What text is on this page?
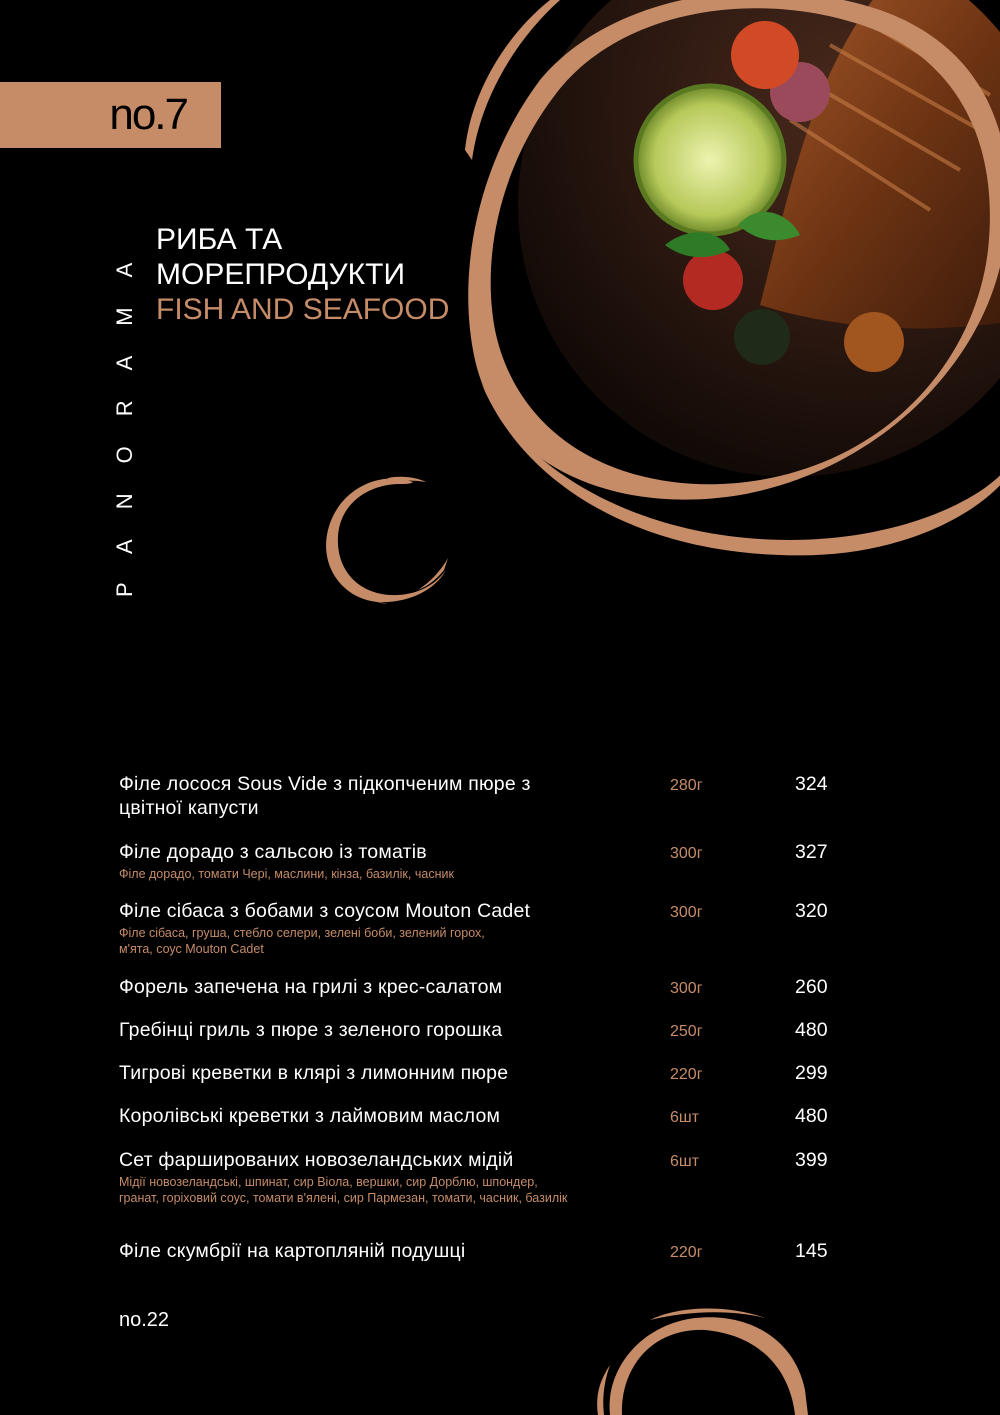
no.7
PANORAMA РИБА ТА
МОРЕПРОДУКТИ
FISH AND SEAFOOD
Філе лосося Sous Vide з підкопченим пюре з цвітної капусти
280г	324
Філе дорадо з сальсою із томатів
Філе дорадо, томати Чері, маслини, кінза, базилік, часник
300г	327
Філе сібаса з бобами з соусом Mouton Cadet
Філе сібаса, груша, стебло селери, зелені боби, зелений горох, м'ята, соус Mouton Cadet
300г	320
Форель запечена на грилі з крес-салатом	300г	260
Гребінці гриль з пюре з зеленого горошка	250г	480
Тигрові креветки в клярі з лимонним пюре	220г	299
Королівські креветки з лаймовим маслом	6шт	480
Сет фаршированих новозеландських мідій
Мідії новозеландські, шпинат, сир Віола, вершки, сир Дорблю, шпондер, гранат, горіховий соус, томати в'ялені, сир Пармезан, томати, часник, базилік
6шт	399
Філе скумбрії на картопляній подушці	220г	145
no.22
